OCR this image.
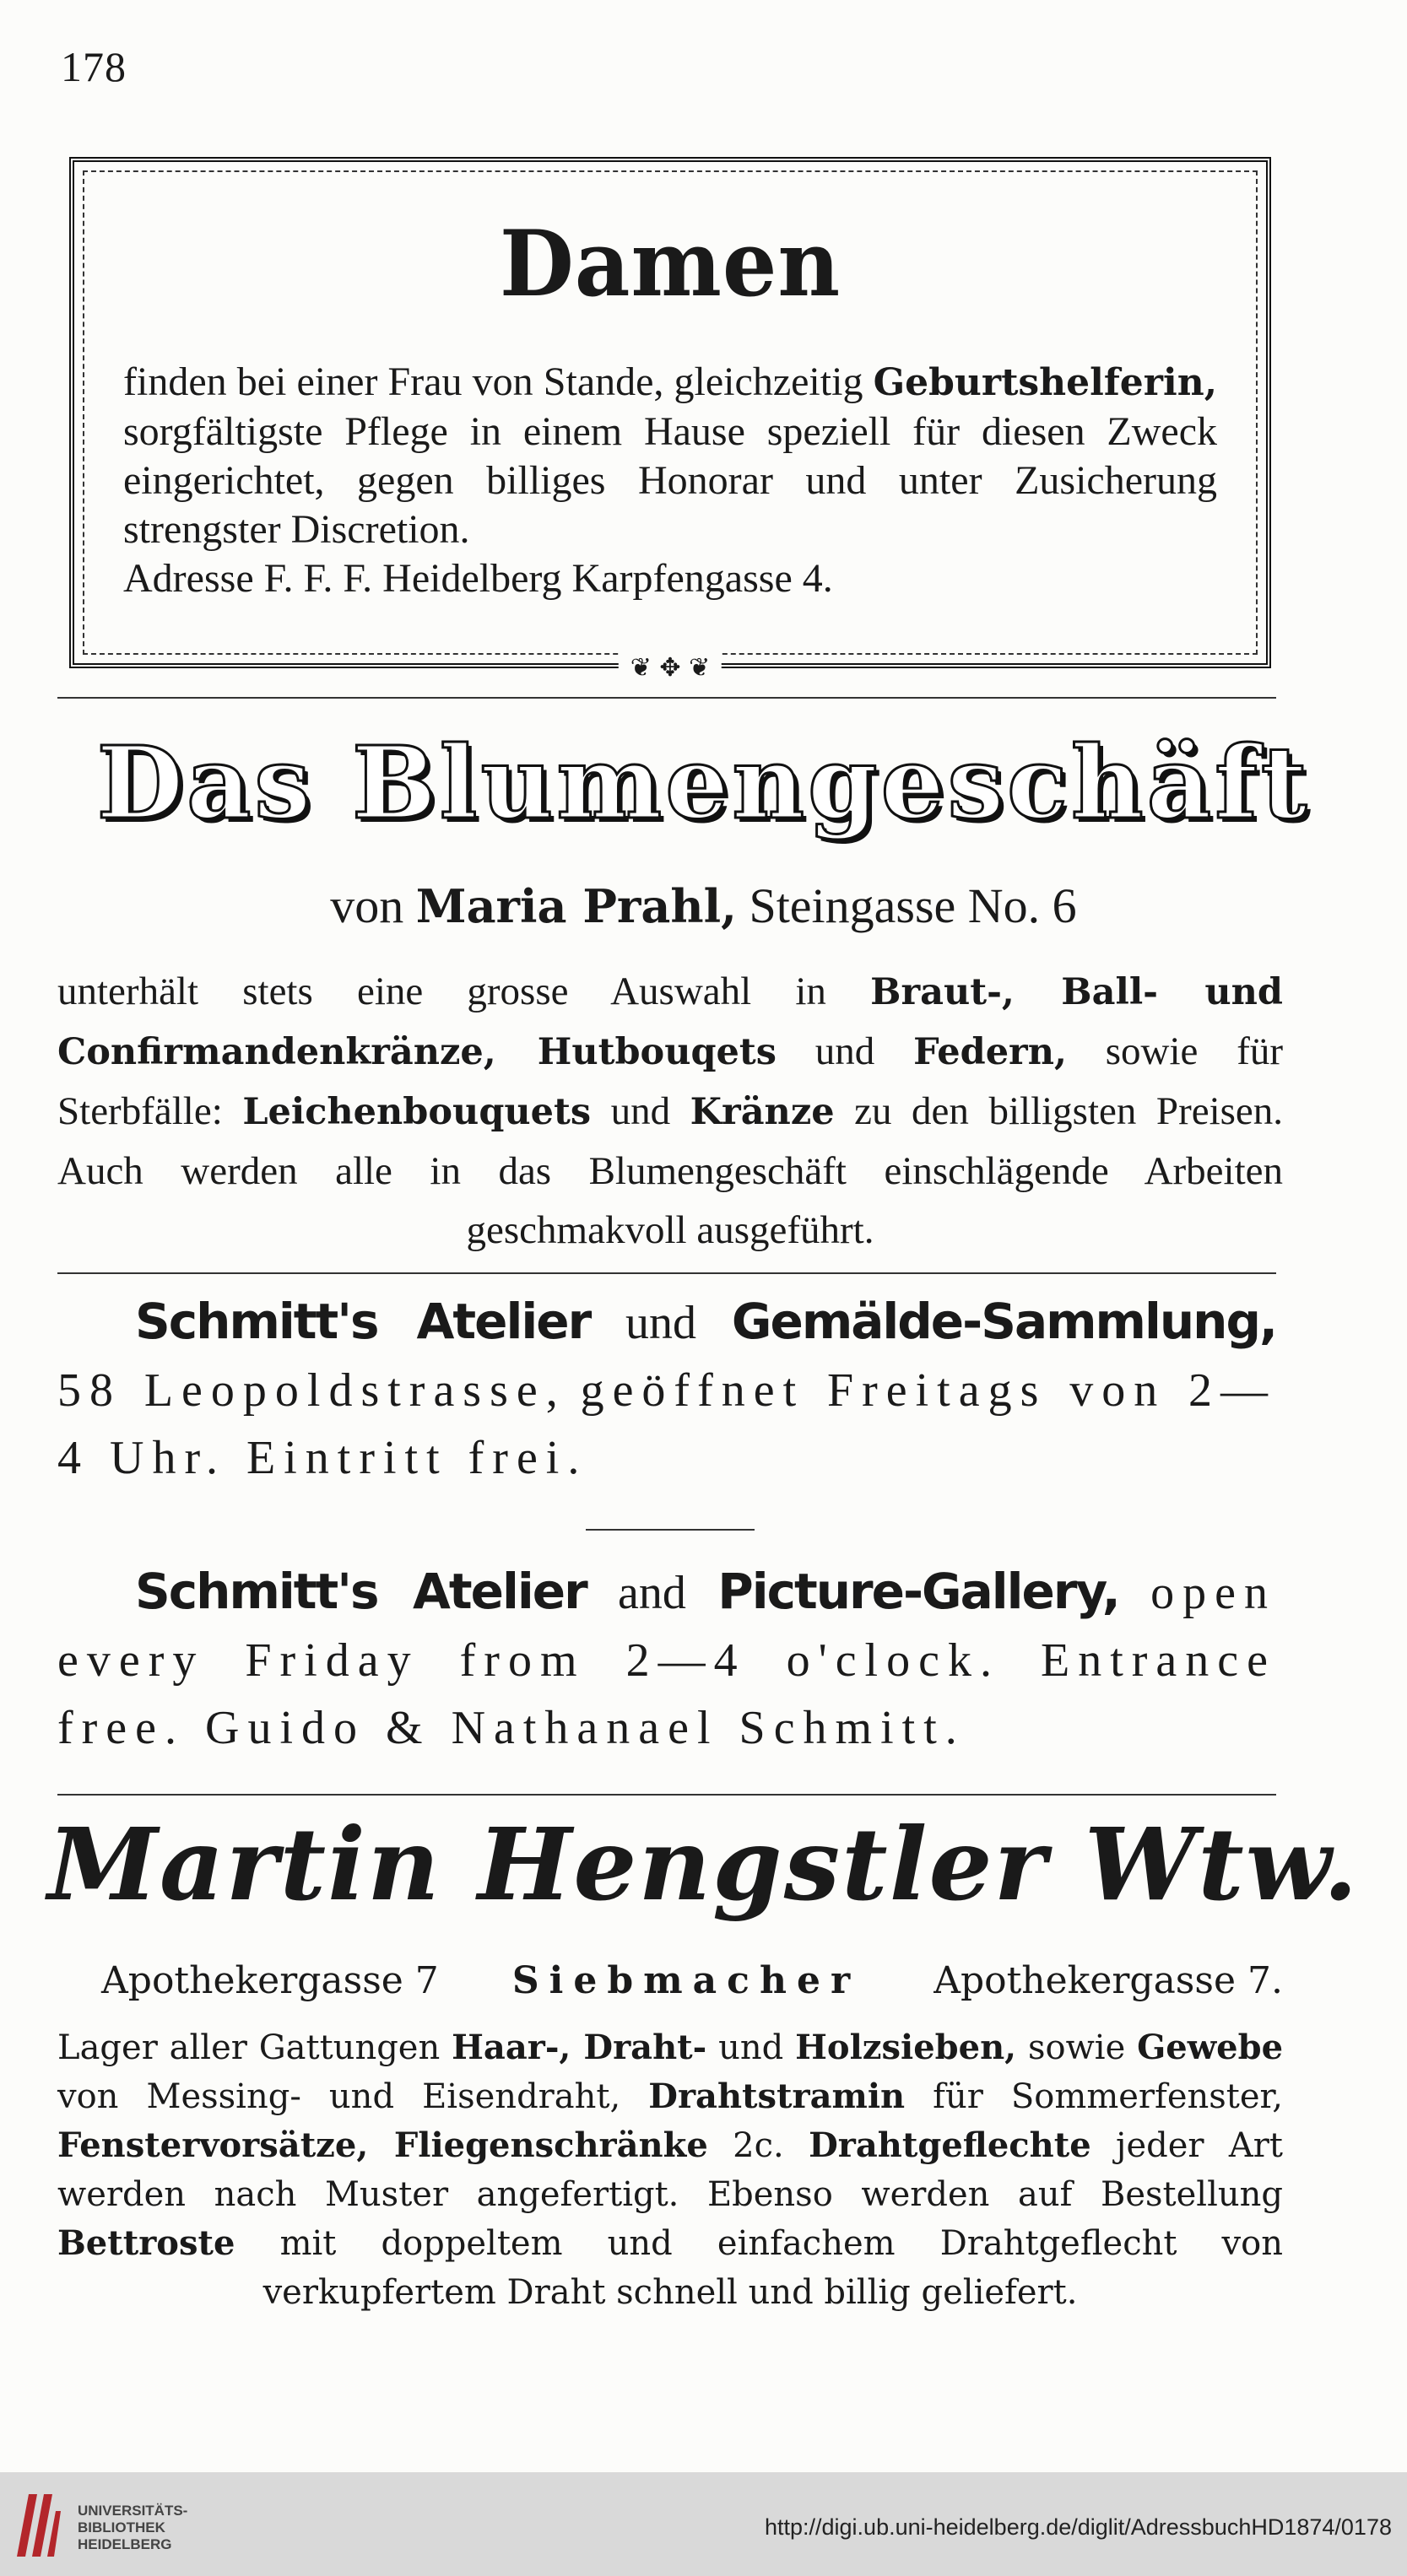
178
Damen
finden bei einer Frau von Stande, gleichzeitig Geburtshelferin, sorgfältigste Pflege in einem Hause speziell für diesen Zweck eingerichtet, gegen billiges Honorar und unter Zusicherung strengster Discretion.
Adresse F. F. F. Heidelberg Karpfengasse 4.
❦ ✥ ❦
Das Blumengeschäft
von Maria Prahl, Steingasse No. 6
unterhält stets eine grosse Auswahl in Braut-, Ball- und Confirmandenkränze, Hutbouqets und Federn, sowie für Sterbfälle: Leichenbouquets und Kränze zu den billigsten Preisen. Auch werden alle in das Blumengeschäft einschlägende Arbeiten geschmakvoll ausgeführt.
Schmitt's Atelier und Gemälde-Sammlung, 58 Leopoldstrasse, geöffnet Freitags von 2—4 Uhr. Eintritt frei.
Schmitt's Atelier and Picture-Gallery, open every Friday from 2—4 o'clock. Entrance free. Guido & Nathanael Schmitt.
Martin Hengstler Wtw.
Apothekergasse 7 Siebmacher Apothekergasse 7.
Lager aller Gattungen Haar-, Draht- und Holzsieben, sowie Gewebe von Messing- und Eisendraht, Drahtstramin für Sommerfenster, Fenstervorsätze, Fliegenschränke 2c. Drahtgeflechte jeder Art werden nach Muster angefertigt. Ebenso werden auf Bestellung Bettroste mit doppeltem und einfachem Drahtgeflecht von verkupfertem Draht schnell und billig geliefert.
UNIVERSITÄTS-
BIBLIOTHEK
HEIDELBERG
http://digi.ub.uni-heidelberg.de/diglit/AdressbuchHD1874/0178
